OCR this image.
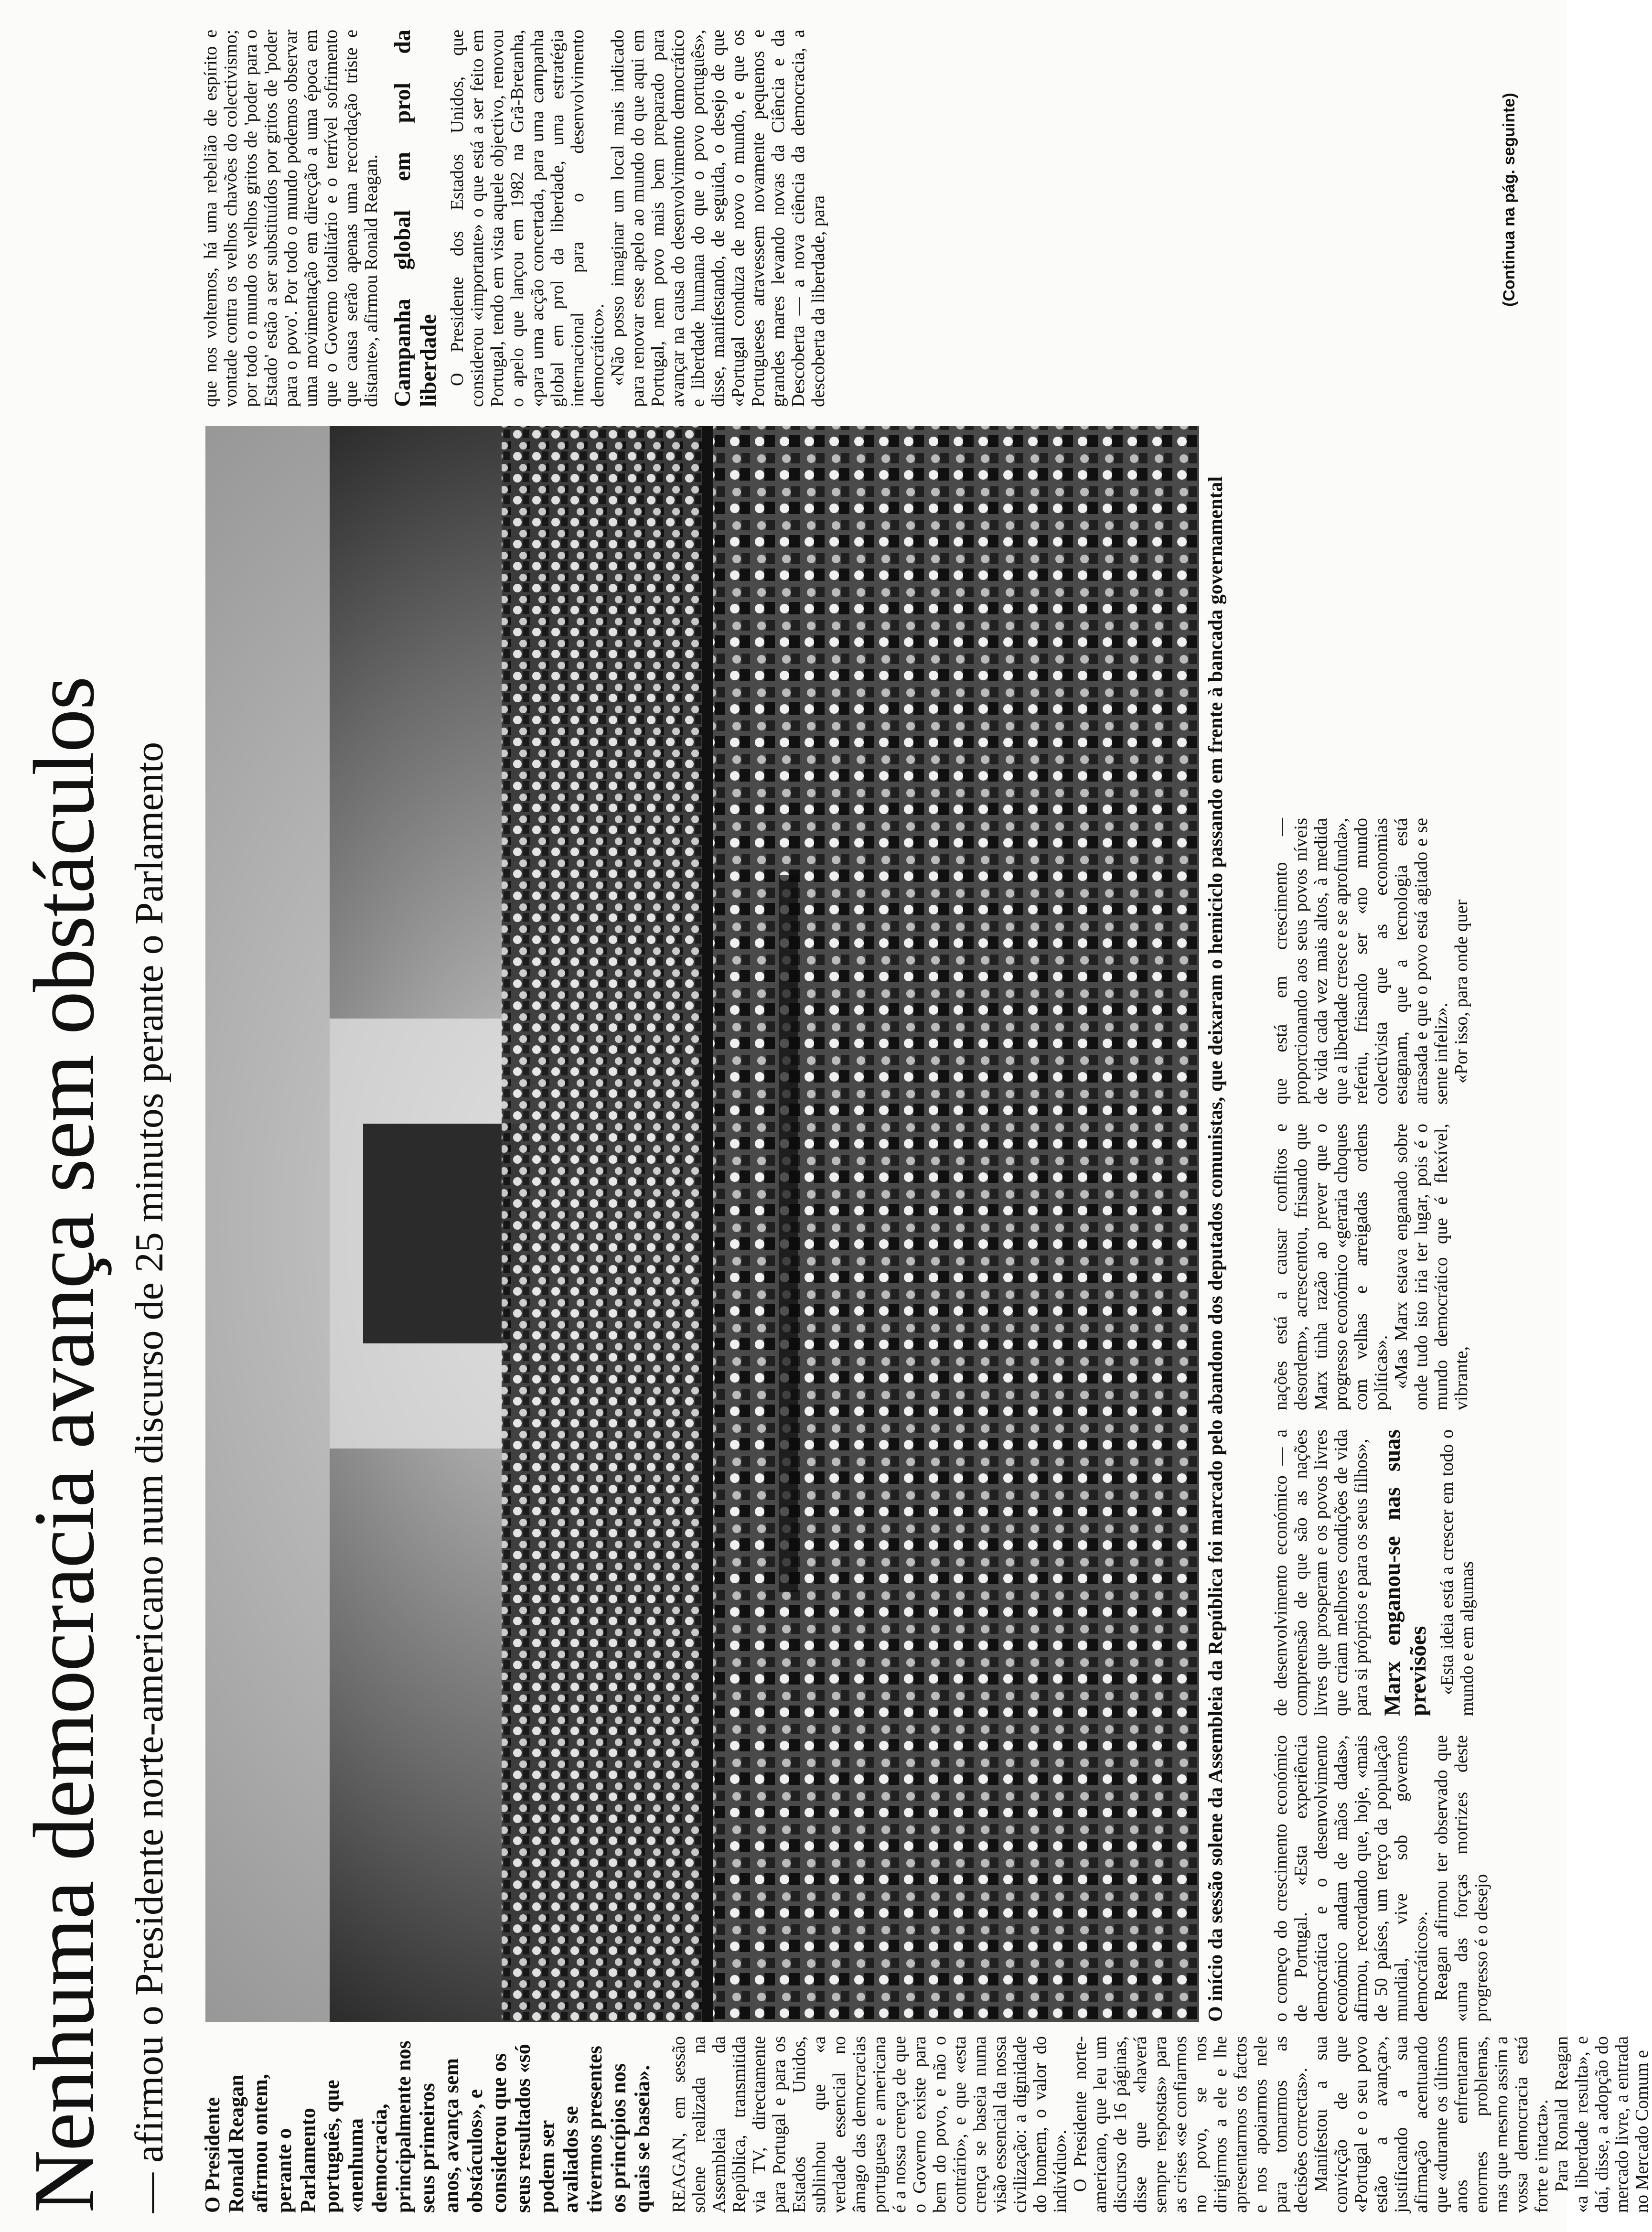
Nenhuma democracia avança sem obstáculos — afirmou o Presidente norte-americano num discurso de 25 minutos perante o Parlamento O Presidente Ronald Reagan afirmou ontem, perante o Parlamento português, que «nenhuma democracia, principalmente nos seus primeiros anos, avança sem obstáculos», e considerou que os seus resultados «só podem ser avaliados se tivermos presentes os princípios nos quais se baseia». REAGAN, em sessão solene realizada na Assembleia da República, transmitida via TV, directamente para Portugal e para os Estados Unidos, sublinhou que «a verdade essencial no âmago das democracias portuguesa e americana é a nossa crença de que o Governo existe para bem do povo, e não o contrário», e que «esta crença se baseia numa visão essencial da nossa civilização: a dignidade do homem, o valor do indivíduo». O Presidente norte-americano, que leu um discurso de 16 páginas, disse que «haverá sempre respostas» para as crises «se confiarmos no povo, se nos dirigirmos a ele e lhe apresentarmos os factos e nos apoiarmos nele para tomarmos as decisões correctas». Manifestou a sua convicção de que «Portugal e o seu povo estão a avançar», justificando a sua afirmação acentuando que «durante os últimos anos enfrentaram enormes problemas, mas que mesmo assim a vossa democracia está forte e intacta». Para Ronald Reagan «a liberdade resulta», e daí, disse, a adopção do mercado livre, a entrada no Mercado Comum e

O início da sessão solene da Assembleia da República foi marcado pelo abandono dos deputados comunistas, que deixaram o hemiciclo passando em frente à bancada governamental	o começo do crescimento económico de Portugal. «Esta experiência democrática e o desenvolvimento económico andam de mãos dadas», afirmou, recordando que, hoje, «mais de 50 países, um terço da população mundial, vive sob governos democráticos». Reagan afirmou ter observado que «uma das forças motrizes deste progresso é o desejo

de desenvolvimento económico — a compreensão de que são as nações livres que prosperam e os povos livres que criam melhores condições de vida para si próprios e para os seus filhos», Marx enganou-se nas suas previsões «Esta ideia está a crescer em todo o mundo e em algumas

nações está a causar conflitos e desordem», acrescentou, frisando que Marx tinha razão ao prever que o progresso económico «geraria choques com velhas e arreigadas ordens políticas». «Mas Marx estava enganado sobre onde tudo isto iria ter lugar, pois é o mundo democrático que é flexível, vibrante,

que está em crescimento — proporcionando aos seus povos níveis de vida cada vez mais altos, à medida que a liberdade cresce e se aprofunda», referiu, frisando ser «no mundo colectivista que as economias estagnam, que a tecnologia está atrasada e que o povo está agitado e se sente infeliz». «Por isso, para onde quer

que nos voltemos, há uma rebelião de espírito e vontade contra os velhos chavões do colectivismo; por todo o mundo os velhos gritos de 'poder para o Estado' estão a ser substituídos por gritos de 'poder para o povo'. Por todo o mundo podemos observar uma movimentação em direcção a uma época em que o Governo totalitário e o terrível sofrimento que causa serão apenas uma recordação triste e distante», afirmou Ronald Reagan. Campanha global em prol da liberdade O Presidente dos Estados Unidos, que considerou «importante» o que está a ser feito em Portugal, tendo em vista aquele objectivo, renovou o apelo que lançou em 1982 na Grã-Bretanha, «para uma acção concertada, para uma campanha global em prol da liberdade, uma estratégia internacional para o desenvolvimento democrático». «Não posso imaginar um local mais indicado para renovar esse apelo ao mundo do que aqui em Portugal, nem povo mais bem preparado para avançar na causa do desenvolvimento democrático e liberdade humana do que o povo português», disse, manifestando, de seguida, o desejo de que «Portugal conduza de novo o mundo, e que os Portugueses atravessem novamente pequenos e grandes mares levando novas da Ciência e da Descoberta — a nova ciência da democracia, a descoberta da liberdade, para	(Continua na pág. seguinte)
